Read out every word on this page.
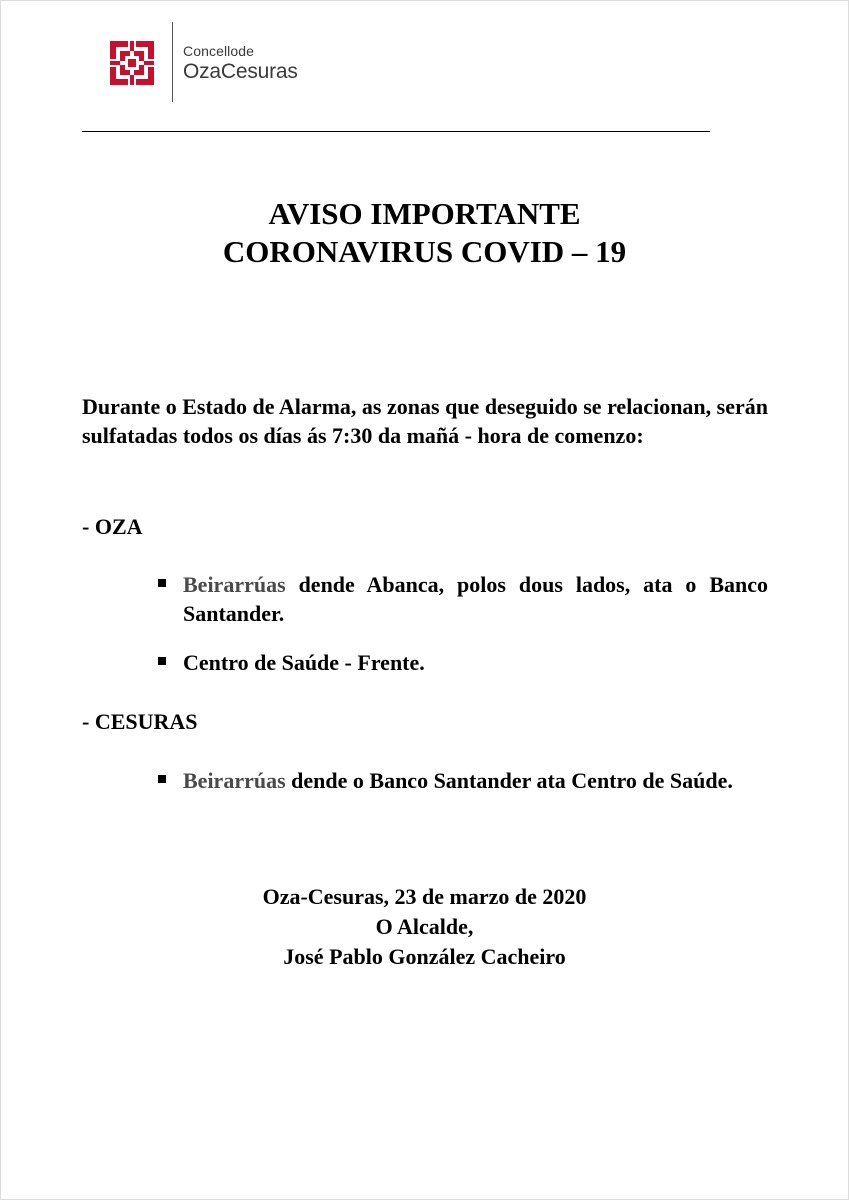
Concellode
OzaCesuras
AVISO IMPORTANTE
CORONAVIRUS COVID – 19
Durante o Estado de Alarma, as zonas que deseguido se relacionan, serán sulfatadas todos os días ás 7:30 da mañá - hora de comenzo:
- OZA
Beirarrúas dende Abanca, polos dous lados, ata o Banco Santander.
Centro de Saúde - Frente.
- CESURAS
Beirarrúas dende o Banco Santander ata Centro de Saúde.
Oza-Cesuras, 23 de marzo de 2020
O Alcalde,
José Pablo González Cacheiro
